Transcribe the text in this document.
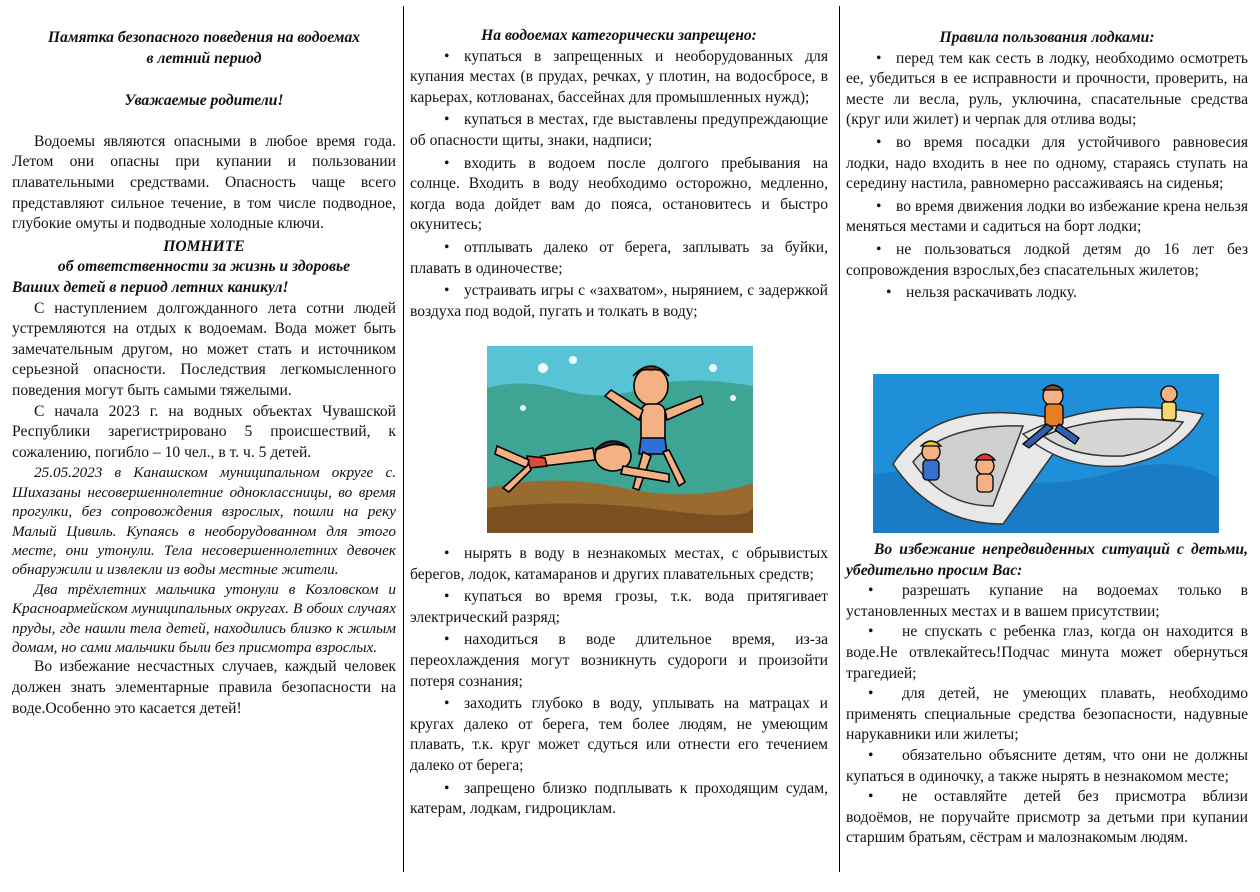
Памятка безопасного поведения на водоемах

в летний период

Уважаемые родители!

Водоемы являются опасными в любое время года. Летом они опасны при купании и пользовании плавательными средствами. Опасность чаще всего представляют сильное течение, в том числе подводное, глубокие омуты и подводные холодные ключи.

ПОМНИТЕ

об ответственности за жизнь и здоровье

Ваших детей в период летних каникул!

С наступлением долгожданного лета сотни людей устремляются на отдых к водоемам. Вода может быть замечательным другом, но может стать и источником серьезной опасности. Последствия легкомысленного поведения могут быть самыми тяжелыми.

С начала 2023 г. на водных объектах Чувашской Республики зарегистрировано 5 происшествий, к сожалению, погибло – 10 чел., в т. ч. 5 детей.

25.05.2023 в Канашском муниципальном округе с. Шихазаны несовершеннолетние одноклассницы, во время прогулки, без сопровождения взрослых, пошли на реку Малый Цивиль. Купаясь в необорудованном для этого месте, они утонули. Тела несовершеннолетних девочек обнаружили и извлекли из воды местные жители.

Два трёхлетних мальчика утонули в Козловском и Красноармейском муниципальных округах. В обоих случаях пруды, где нашли тела детей, находились близко к жилым домам, но сами мальчики были без присмотра взрослых.

Во избежание несчастных случаев, каждый человек должен знать элементарные правила безопасности на воде.Особенно это касается детей!

На водоемах категорически запрещено:

• купаться в запрещенных и необорудованных для купания местах (в прудах, речках, у плотин, на водосбросе, в карьерах, котлованах, бассейнах для промышленных нужд);

• купаться в местах, где выставлены предупреждающие об опасности щиты, знаки, надписи;

• входить в водоем после долгого пребывания на солнце. Входить в воду необходимо осторожно, медленно, когда вода дойдет вам до пояса, остановитесь и быстро окунитесь;

• отплывать далеко от берега, заплывать за буйки, плавать в одиночестве;

• устраивать игры с «захватом», нырянием, с задержкой воздуха под водой, пугать и толкать в воду;

• нырять в воду в незнакомых местах, с обрывистых берегов, лодок, катамаранов и других плавательных средств;

• купаться во время грозы, т.к. вода притягивает электрический разряд;

• находиться в воде длительное время, из-за переохлаждения могут возникнуть судороги и произойти потеря сознания;

• заходить глубоко в воду, уплывать на матрацах и кругах далеко от берега, тем более людям, не умеющим плавать, т.к. круг может сдуться или отнести его течением далеко от берега;

• запрещено близко подплывать к проходящим судам, катерам, лодкам, гидроциклам.

Правила пользования лодками:

• перед тем как сесть в лодку, необходимо осмотреть ее, убедиться в ее исправности и прочности, проверить, на месте ли весла, руль, уключина, спасательные средства (круг или жилет) и черпак для отлива воды;

• во время посадки для устойчивого равновесия лодки, надо входить в нее по одному, стараясь ступать на середину настила, равномерно рассаживаясь на сиденья;

• во время движения лодки во избежание крена нельзя меняться местами и садиться на борт лодки;

• не пользоваться лодкой детям до 16 лет без сопровождения взрослых,без спасательных жилетов;

• нельзя раскачивать лодку.

Во избежание непредвиденных ситуаций с детьми, убедительно просим Вас:

• разрешать купание на водоемах только в установленных местах и в вашем присутствии;

• не спускать с ребенка глаз, когда он находится в воде.Не отвлекайтесь!Подчас минута может обернуться трагедией;

• для детей, не умеющих плавать, необходимо применять специальные средства безопасности, надувные нарукавники или жилеты;

• обязательно объясните детям, что они не должны купаться в одиночку, а также нырять в незнакомом месте;

• не оставляйте детей без присмотра вблизи водоёмов, не поручайте присмотр за детьми при купании старшим братьям, сёстрам и малознакомым людям.
